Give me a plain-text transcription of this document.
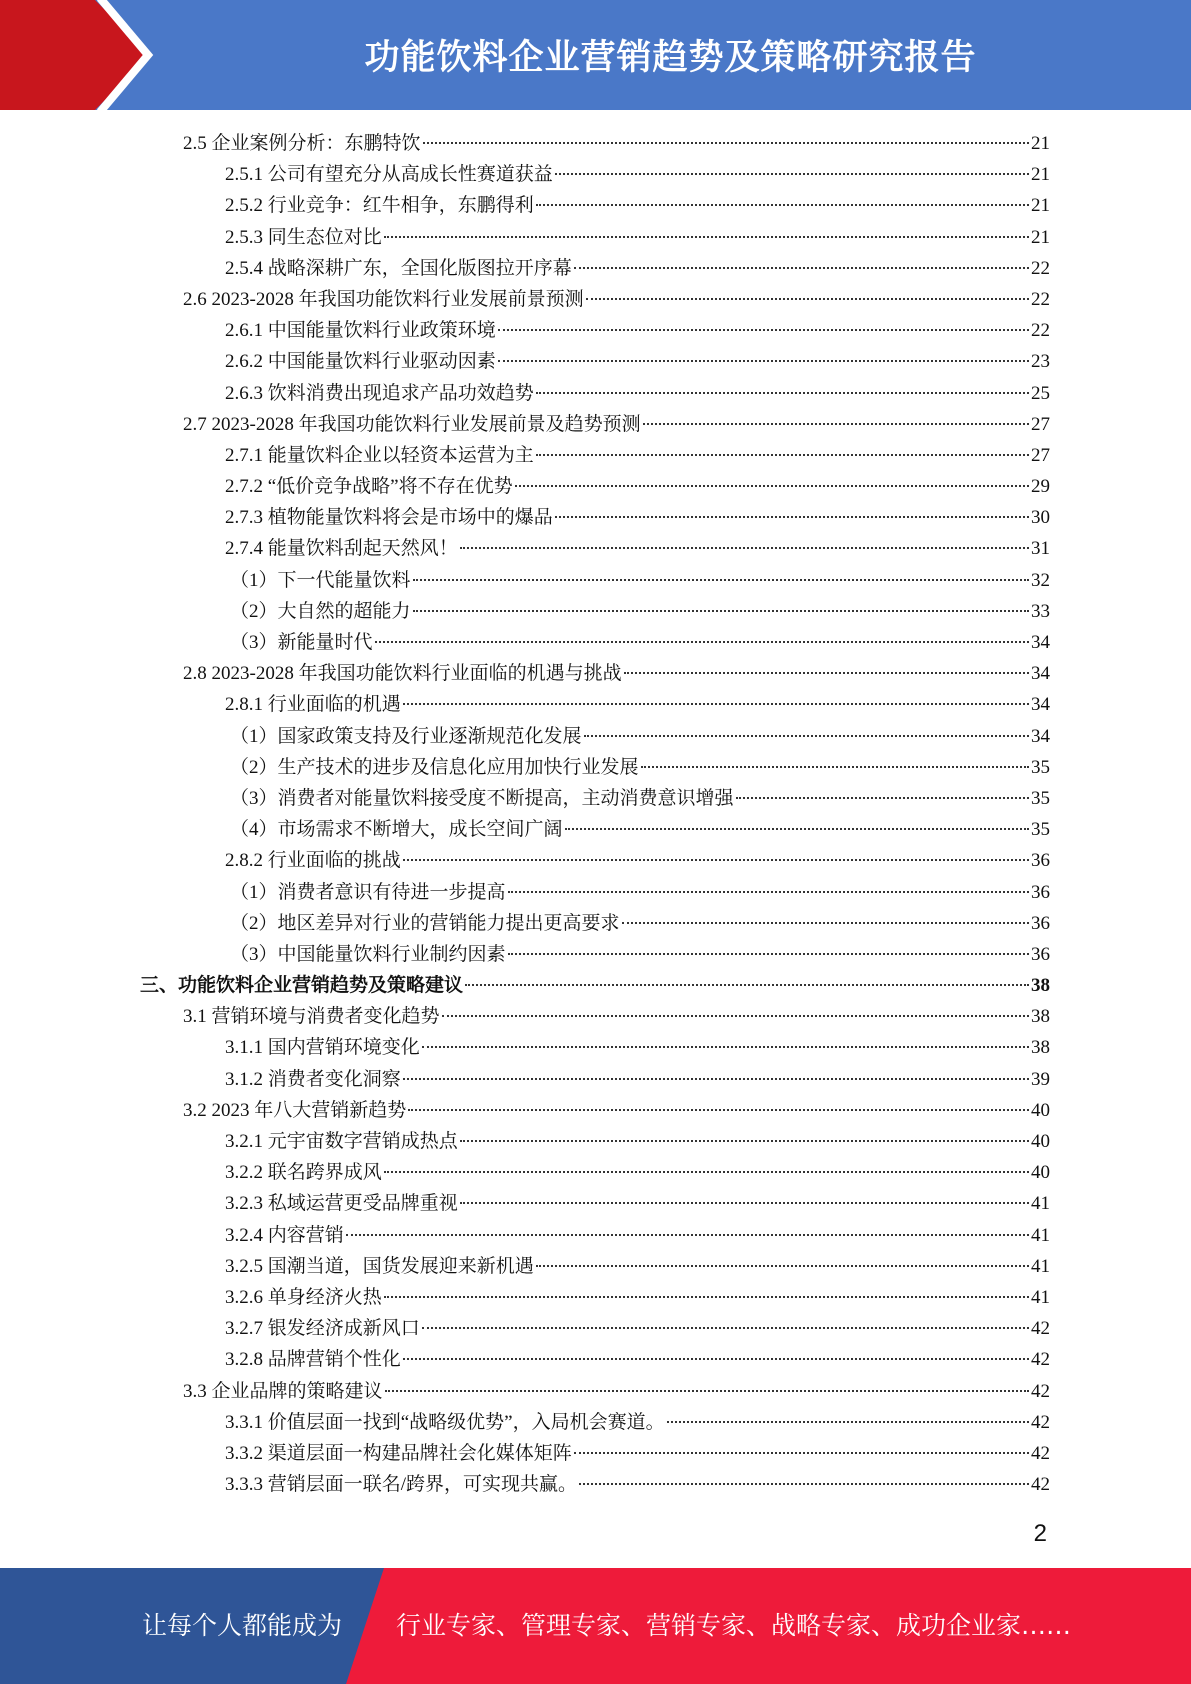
功能饮料企业营销趋势及策略研究报告
2.5 企业案例分析：东鹏特饮	21
2.5.1 公司有望充分从高成长性赛道获益	21
2.5.2 行业竞争：红牛相争，东鹏得利	21
2.5.3 同生态位对比	21
2.5.4 战略深耕广东，全国化版图拉开序幕	22
2.6 2023-2028 年我国功能饮料行业发展前景预测	22
2.6.1 中国能量饮料行业政策环境	22
2.6.2 中国能量饮料行业驱动因素	23
2.6.3 饮料消费出现追求产品功效趋势	25
2.7 2023-2028 年我国功能饮料行业发展前景及趋势预测	27
2.7.1 能量饮料企业以轻资本运营为主	27
2.7.2 “低价竞争战略”将不存在优势	29
2.7.3 植物能量饮料将会是市场中的爆品	30
2.7.4 能量饮料刮起天然风！	31
（1）下一代能量饮料	32
（2）大自然的超能力	33
（3）新能量时代	34
2.8 2023-2028 年我国功能饮料行业面临的机遇与挑战	34
2.8.1 行业面临的机遇	34
（1）国家政策支持及行业逐渐规范化发展	34
（2）生产技术的进步及信息化应用加快行业发展	35
（3）消费者对能量饮料接受度不断提高，主动消费意识增强	35
（4）市场需求不断增大，成长空间广阔	35
2.8.2 行业面临的挑战	36
（1）消费者意识有待进一步提高	36
（2）地区差异对行业的营销能力提出更高要求	36
（3）中国能量饮料行业制约因素	36
三、功能饮料企业营销趋势及策略建议	38
3.1 营销环境与消费者变化趋势	38
3.1.1 国内营销环境变化	38
3.1.2 消费者变化洞察	39
3.2 2023 年八大营销新趋势	40
3.2.1 元宇宙数字营销成热点	40
3.2.2 联名跨界成风	40
3.2.3 私域运营更受品牌重视	41
3.2.4 内容营销	41
3.2.5 国潮当道，国货发展迎来新机遇	41
3.2.6 单身经济火热	41
3.2.7 银发经济成新风口	42
3.2.8 品牌营销个性化	42
3.3 企业品牌的策略建议	42
3.3.1 价值层面一找到“战略级优势”，入局机会赛道。	42
3.3.2 渠道层面一构建品牌社会化媒体矩阵	42
3.3.3 营销层面一联名/跨界，可实现共赢。	42
2
让每个人都能成为 行业专家、管理专家、营销专家、战略专家、成功企业家……
